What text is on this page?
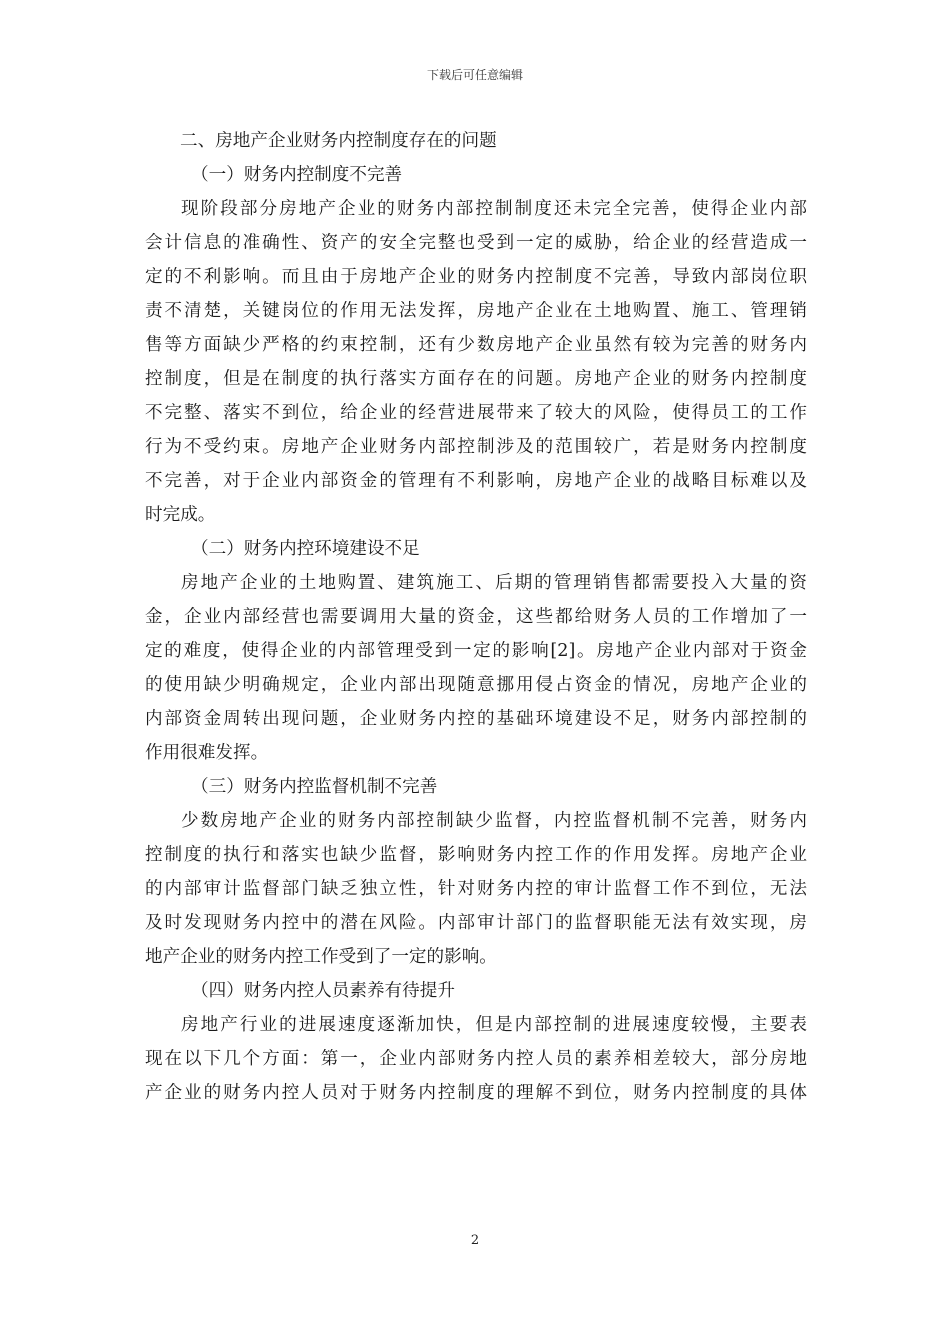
下载后可任意编辑
二、房地产企业财务内控制度存在的问题
（一）财务内控制度不完善
现阶段部分房地产企业的财务内部控制制度还未完全完善，使得企业内部
会计信息的准确性、资产的安全完整也受到一定的威胁，给企业的经营造成一
定的不利影响。而且由于房地产企业的财务内控制度不完善，导致内部岗位职
责不清楚，关键岗位的作用无法发挥，房地产企业在土地购置、施工、管理销
售等方面缺少严格的约束控制，还有少数房地产企业虽然有较为完善的财务内
控制度，但是在制度的执行落实方面存在的问题。房地产企业的财务内控制度
不完整、落实不到位，给企业的经营进展带来了较大的风险，使得员工的工作
行为不受约束。房地产企业财务内部控制涉及的范围较广，若是财务内控制度
不完善，对于企业内部资金的管理有不利影响，房地产企业的战略目标难以及
时完成。
（二）财务内控环境建设不足
房地产企业的土地购置、建筑施工、后期的管理销售都需要投入大量的资
金，企业内部经营也需要调用大量的资金，这些都给财务人员的工作增加了一
定的难度，使得企业的内部管理受到一定的影响[2]。房地产企业内部对于资金
的使用缺少明确规定，企业内部出现随意挪用侵占资金的情况，房地产企业的
内部资金周转出现问题，企业财务内控的基础环境建设不足，财务内部控制的
作用很难发挥。
（三）财务内控监督机制不完善
少数房地产企业的财务内部控制缺少监督，内控监督机制不完善，财务内
控制度的执行和落实也缺少监督，影响财务内控工作的作用发挥。房地产企业
的内部审计监督部门缺乏独立性，针对财务内控的审计监督工作不到位，无法
及时发现财务内控中的潜在风险。内部审计部门的监督职能无法有效实现，房
地产企业的财务内控工作受到了一定的影响。
（四）财务内控人员素养有待提升
房地产行业的进展速度逐渐加快，但是内部控制的进展速度较慢，主要表
现在以下几个方面：第一，企业内部财务内控人员的素养相差较大，部分房地
产企业的财务内控人员对于财务内控制度的理解不到位，财务内控制度的具体
2
